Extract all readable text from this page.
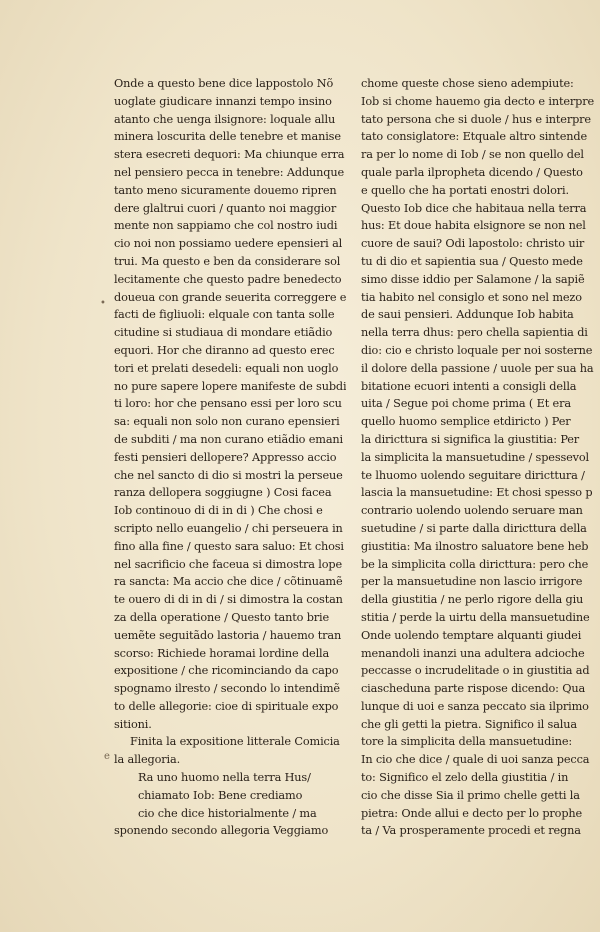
Onde a questo bene dice lappostolo Nõ
uoglate giudicare innanzi tempo insino
atanto che uenga ilsignore: loquale allu
minera loscurita delle tenebre et manise
stera esecreti dequori: Ma chiunque erra
nel pensiero pecca in tenebre: Addunque
tanto meno sicuramente douemo ripren
dere glaltrui cuori / quanto noi maggior
mente non sappiamo che col nostro iudi
cio noi non possiamo uedere epensieri al
trui. Ma questo e ben da considerare sol
lecitamente che questo padre benedecto
doueua con grande seuerita correggere e
facti de figliuoli: elquale con tanta solle
citudine si studiaua di mondare etiãdio
equori. Hor che diranno ad questo erec
tori et prelati desedeli: equali non uoglo
no pure sapere lopere manifeste de subdi
ti loro: hor che pensano essi per loro scu
sa: equali non solo non curano epensieri
de subditi / ma non curano etiãdio emani
festi pensieri dellopere? Appresso accio
che nel sancto di dio si mostri la perseue
ranza dellopera soggiugne ) Cosi facea
Iob continouo di di in di ) Che chosi e
scripto nello euangelio / chi perseuera in
fino alla fine / questo sara saluo: Et chosi
nel sacrificio che faceua si dimostra lope
ra sancta: Ma accio che dice / cõtinuamẽ
te ouero di di in di / si dimostra la costan
za della operatione / Questo tanto brie
uemẽte seguitãdo lastoria / hauemo tran
scorso: Richiede horamai lordine della
expositione / che ricominciando da capo
spognamo ilresto / secondo lo intendimẽ
to delle allegorie: cioe di spirituale expo
sitioni.
Finita la expositione litterale Comicia
la allegoria.
Ra uno huomo nella terra Hus/
chiamato Iob: Bene crediamo
cio che dice historialmente / ma
sponendo secondo allegoria Veggiamo
chome queste chose sieno adempiute:
Iob si chome hauemo gia decto e interpre
tato persona che si duole / hus e interpre
tato consiglatore: Etquale altro sintende
ra per lo nome di Iob / se non quello del
quale parla ilpropheta dicendo / Questo
e quello che ha portati enostri dolori.
Questo Iob dice che habitaua nella terra
hus: Et doue habita elsignore se non nel
cuore de saui? Odi lapostolo: christo uir
tu di dio et sapientia sua / Questo mede
simo disse iddio per Salamone / la sapiẽ
tia habito nel consiglo et sono nel mezo
de saui pensieri. Addunque Iob habita
nella terra dhus: pero chella sapientia di
dio: cio e christo loquale per noi sosterne
il dolore della passione / uuole per sua ha
bitatione ecuori intenti a consigli della
uita / Segue poi chome prima ( Et era
quello huomo semplice etdiricto ) Per
la diricttura si significa la giustitia: Per
la simplicita la mansuetudine / spessevol
te lhuomo uolendo seguitare diricttura /
lascia la mansuetudine: Et chosi spesso p
contrario uolendo uolendo seruare man
suetudine / si parte dalla diricttura della
giustitia: Ma ilnostro saluatore bene heb
be la simplicita colla diricttura: pero che
per la mansuetudine non lascio irrigore
della giustitia / ne perlo rigore della giu
stitia / perde la uirtu della mansuetudine
Onde uolendo temptare alquanti giudei
menandoli inanzi una adultera adcioche
peccasse o incrudelitade o in giustitia ad
ciascheduna parte rispose dicendo: Qua
lunque di uoi e sanza peccato sia ilprimo
che gli getti la pietra. Significo il salua
tore la simplicita della mansuetudine:
In cio che dice / quale di uoi sanza pecca
to: Significo el zelo della giustitia / in
cio che disse Sia il primo chelle getti la
pietra: Onde allui e decto per lo prophe
ta / Va prosperamente procedi et regna
•
e
